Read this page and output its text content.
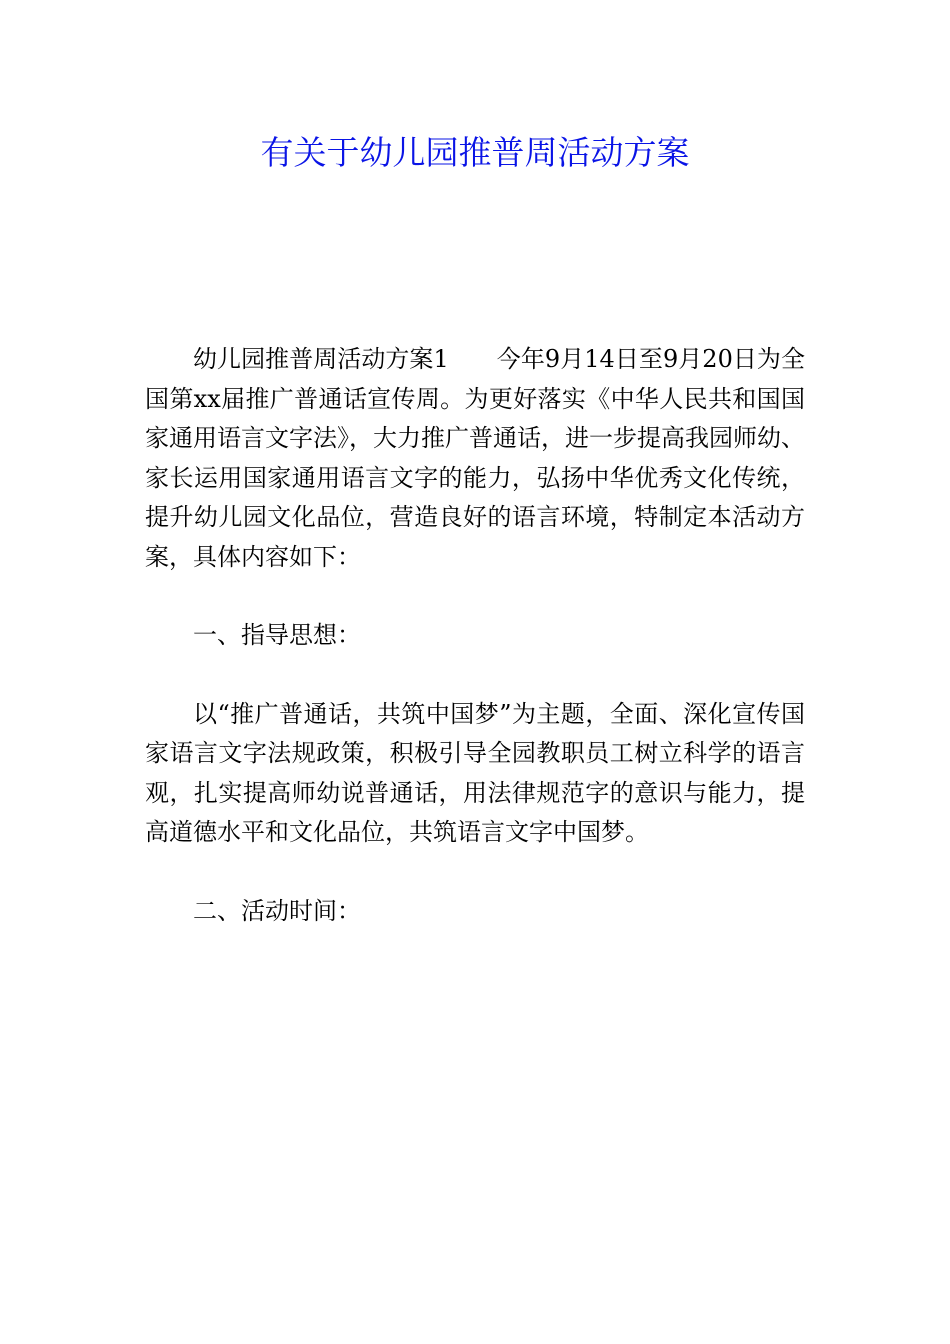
有关于幼儿园推普周活动方案

幼儿园推普周活动方案1 今年9月14日至9月20日为全国第xx届推广普通话宣传周。为更好落实《中华人民共和国国家通用语言文字法》，大力推广普通话，进一步提高我园师幼、家长运用国家通用语言文字的能力，弘扬中华优秀文化传统，提升幼儿园文化品位，营造良好的语言环境，特制定本活动方案，具体内容如下：

一、指导思想：

以“推广普通话，共筑中国梦”为主题，全面、深化宣传国家语言文字法规政策，积极引导全园教职员工树立科学的语言观，扎实提高师幼说普通话，用法律规范字的意识与能力，提高道德水平和文化品位，共筑语言文字中国梦。

二、活动时间：
